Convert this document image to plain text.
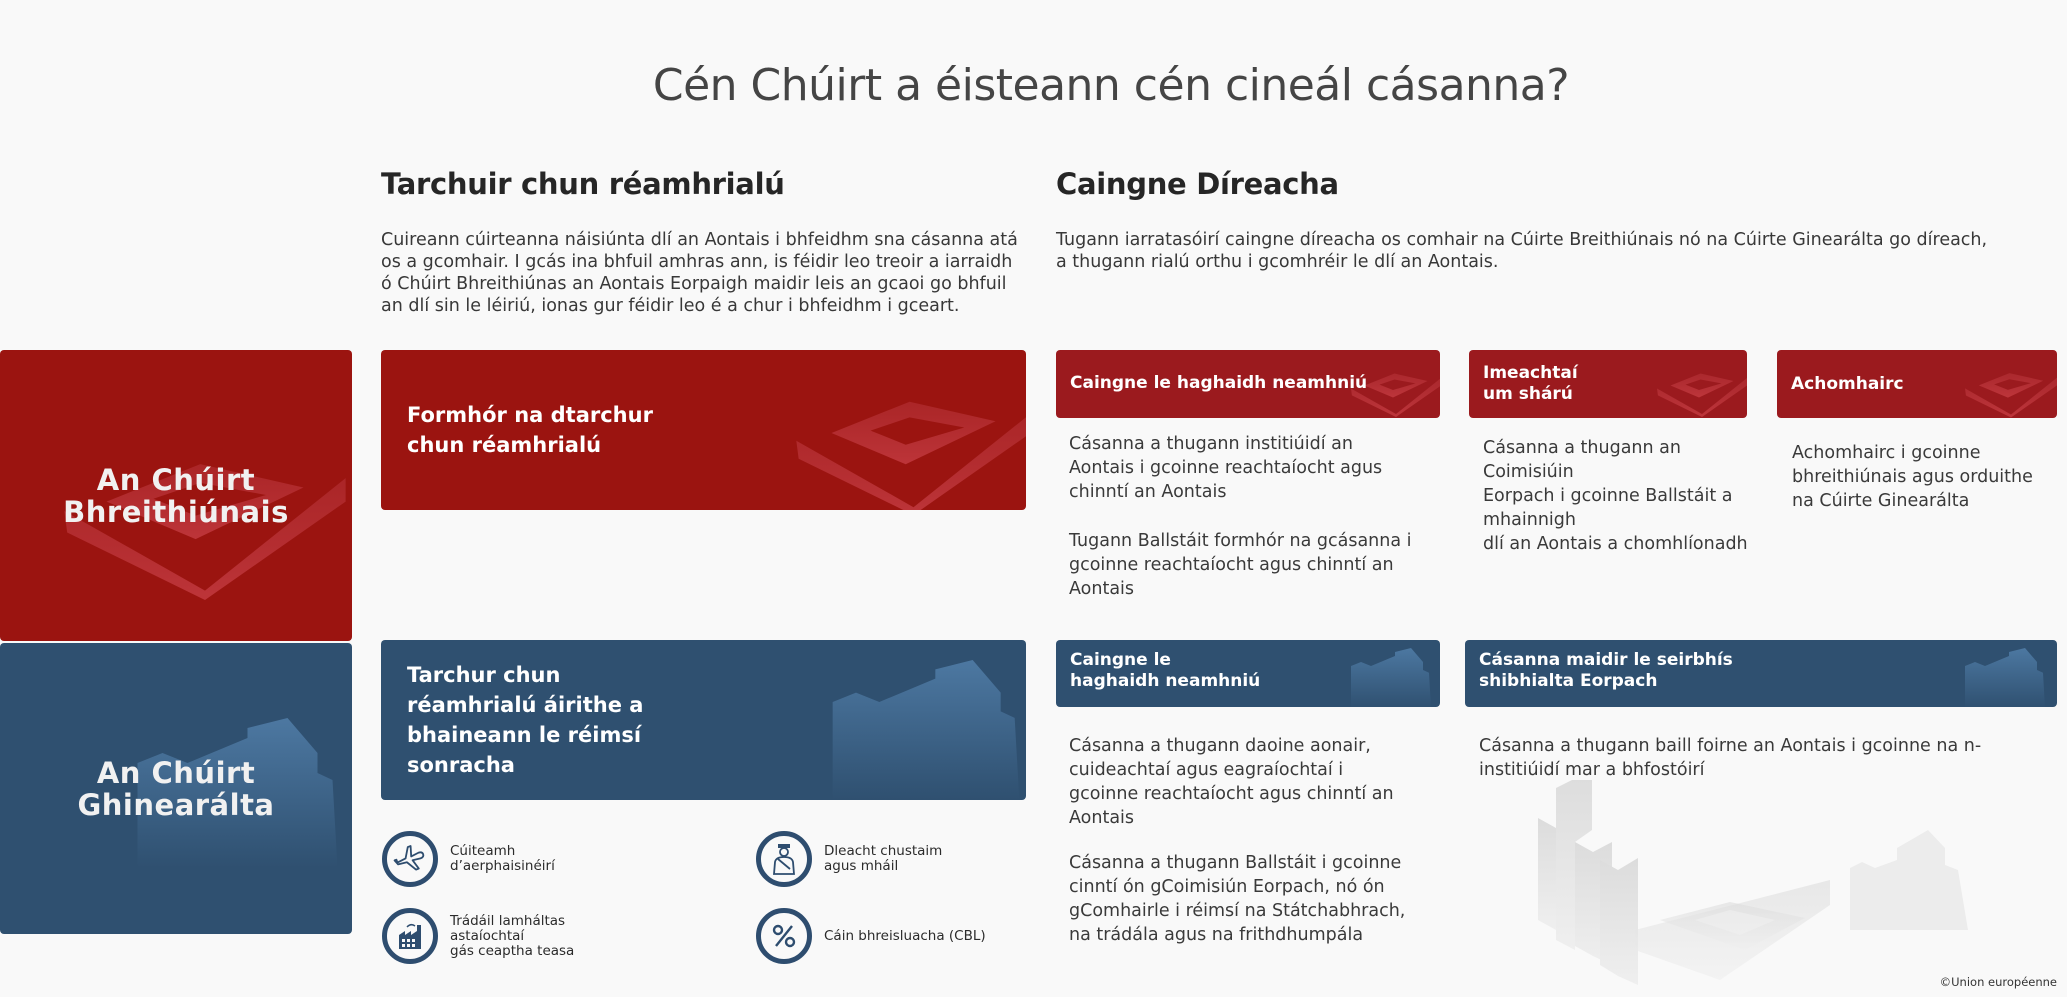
Cén Chúirt a éisteann cén cineál cásanna?
Tarchuir chun réamhrialú
Cuireann cúirteanna náisiúnta dlí an Aontais i bhfeidhm sna cásanna atá os a gcomhair. I gcás ina bhfuil amhras ann, is féidir leo treoir a iarraidh ó Chúirt Bhreithiúnas an Aontais Eorpaigh maidir leis an gcaoi go bhfuil an dlí sin le léiriú, ionas gur féidir leo é a chur i bhfeidhm i gceart.
Caingne Díreacha
Tugann iarratasóirí caingne díreacha os comhair na Cúirte Breithiúnais nó na Cúirte Ginearálta go díreach,
a thugann rialú orthu i gcomhréir le dlí an Aontais.
An Chúirt
Bhreithiúnais
Formhór na dtarchur
chun réamhrialú
Caingne le haghaidh neamhniú
Cásanna a thugann institiúidí an Aontais i gcoinne reachtaíocht agus chinntí an Aontais
Tugann Ballstáit formhór na gcásanna i gcoinne reachtaíocht agus chinntí an Aontais
Imeachtaí
um shárú
Cásanna a thugann an
Coimisiúin
Eorpach i gcoinne Ballstáit a
mhainnigh
dlí an Aontais a chomhlíonadh
Achomhairc
Achomhairc i gcoinne bhreithiúnais agus orduithe na Cúirte Ginearálta
An Chúirt
Ghinearálta
Tarchur chun
réamhrialú áirithe a
bhaineann le réimsí
sonracha
Cúiteamh
d’aerphaisinéirí
Dleacht chustaim
agus mháil
Trádáil lamháltas
astaíochtaí
gás ceaptha teasa
Cáin bhreisluacha (CBL)
Caingne le
haghaidh neamhniú
Cásanna a thugann daoine aonair, cuideachtaí agus eagraíochtaí i gcoinne reachtaíocht agus chinntí an Aontais
Cásanna a thugann Ballstáit i gcoinne cinntí ón gCoimisiún Eorpach, nó ón gComhairle i réimsí na Státchabhrach, na trádála agus na frithdhumpála
Cásanna maidir le seirbhís
shibhialta Eorpach
Cásanna a thugann baill foirne an Aontais i gcoinne na n-institiúidí mar a bhfostóirí
©Union européenne
